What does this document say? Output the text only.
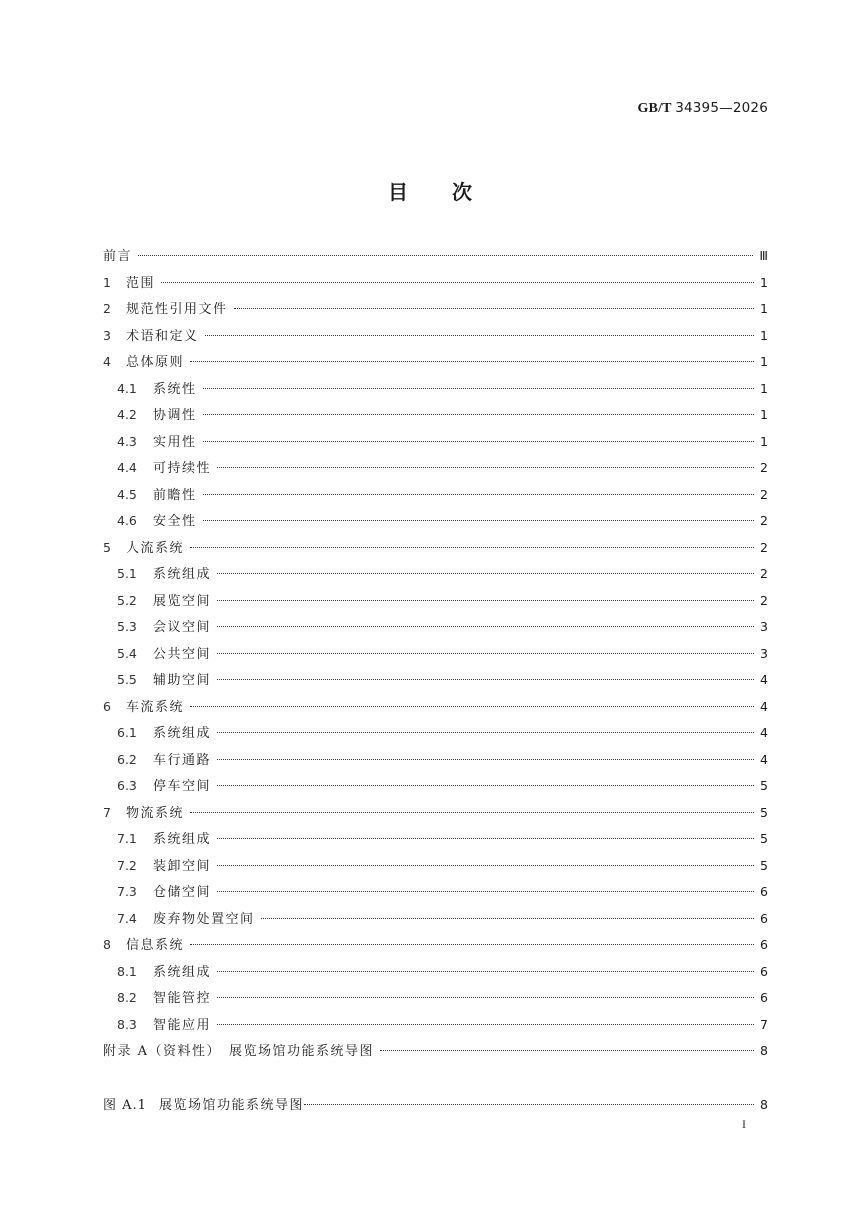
GB/T 34395—2026
目次
前言	Ⅲ
1	范围	1
2	规范性引用文件	1
3	术语和定义	1
4	总体原则	1
4.1	系统性	1
4.2	协调性	1
4.3	实用性	1
4.4	可持续性	2
4.5	前瞻性	2
4.6	安全性	2
5	人流系统	2
5.1	系统组成	2
5.2	展览空间	2
5.3	会议空间	3
5.4	公共空间	3
5.5	辅助空间	4
6	车流系统	4
6.1	系统组成	4
6.2	车行通路	4
6.3	停车空间	5
7	物流系统	5
7.1	系统组成	5
7.2	装卸空间	5
7.3	仓储空间	6
7.4	废弃物处置空间	6
8	信息系统	6
8.1	系统组成	6
8.2	智能管控	6
8.3	智能应用	7
附录 A（资料性）　展览场馆功能系统导图	8
图 A.1 展览场馆功能系统导图	8
I
